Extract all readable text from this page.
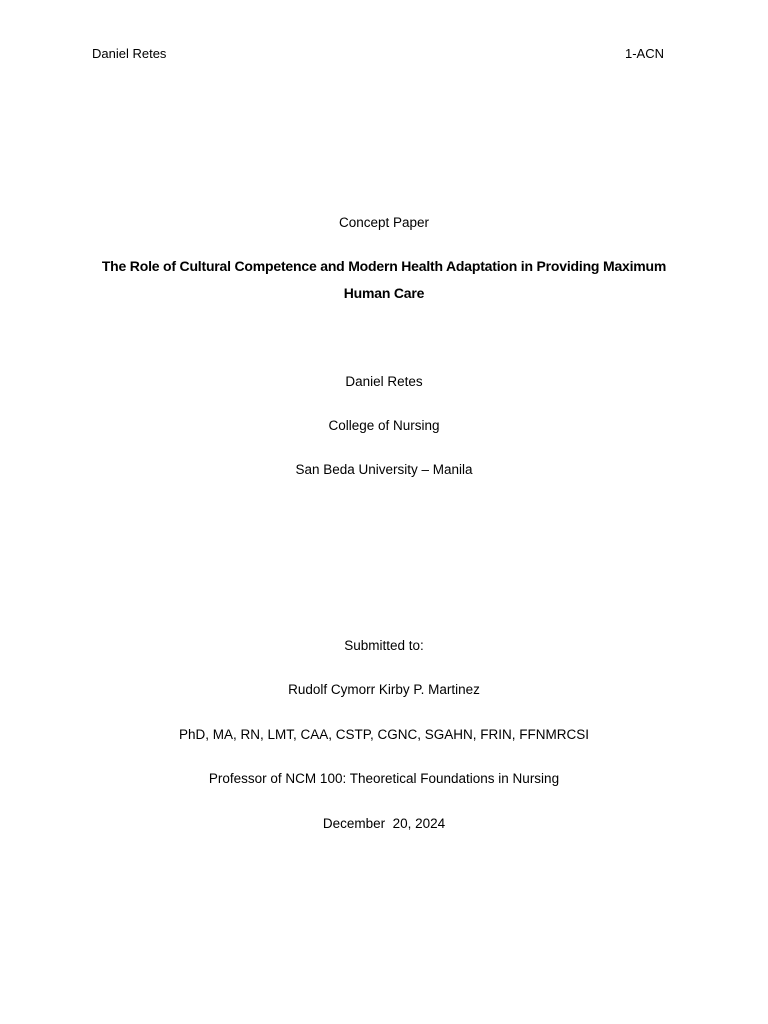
Daniel Retes	1-ACN
Concept Paper
The Role of Cultural Competence and Modern Health Adaptation in Providing Maximum
Human Care
Daniel Retes
College of Nursing
San Beda University – Manila
Submitted to:
Rudolf Cymorr Kirby P. Martinez
PhD, MA, RN, LMT, CAA, CSTP, CGNC, SGAHN, FRIN, FFNMRCSI
Professor of NCM 100: Theoretical Foundations in Nursing
December  20, 2024
